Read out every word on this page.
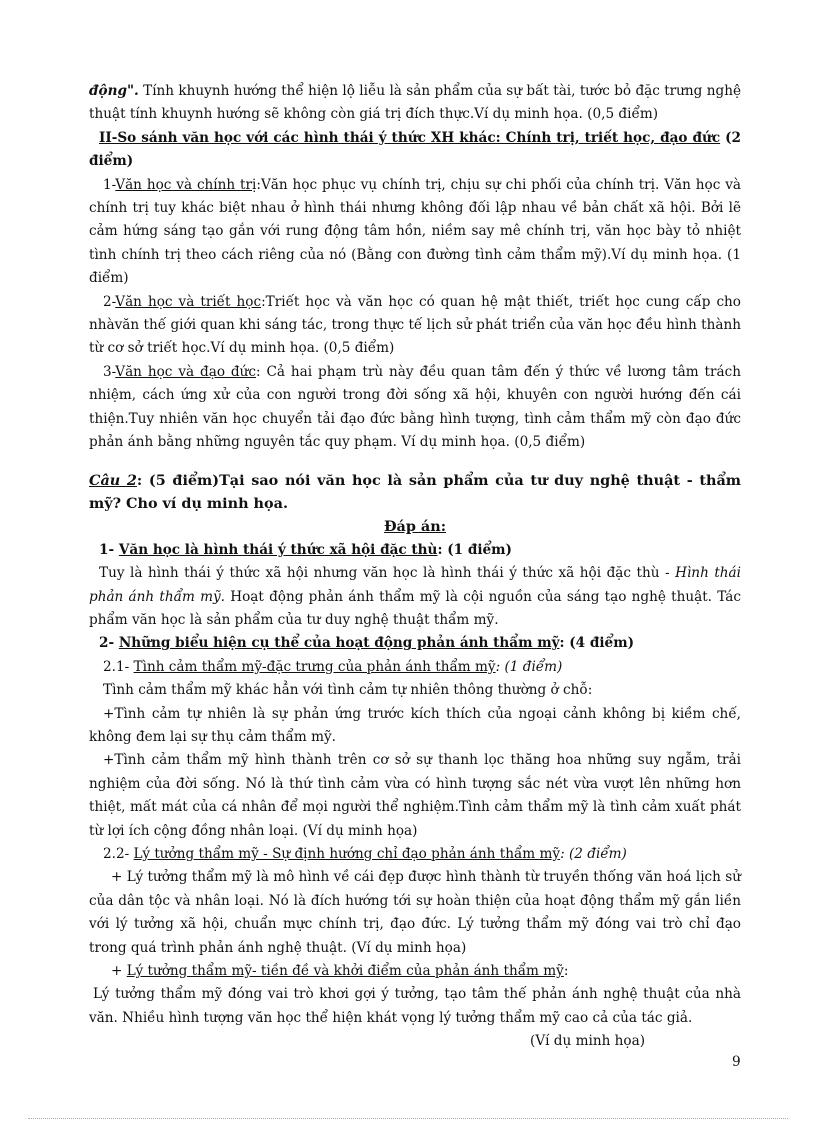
động". Tính khuynh hướng thể hiện lộ liễu là sản phẩm của sự bất tài, tước bỏ đặc trưng nghệ thuật tính khuynh hướng sẽ không còn giá trị đích thực.Ví dụ minh họa. (0,5 điểm)

II-So sánh văn học với các hình thái ý thức XH khác: Chính trị, triết học, đạo đức (2 điểm)

1-Văn học và chính trị:Văn học phục vụ chính trị, chịu sự chi phối của chính trị. Văn học và chính trị tuy khác biệt nhau ở hình thái nhưng không đối lập nhau về bản chất xã hội. Bởi lẽ cảm hứng sáng tạo gắn với rung động tâm hồn, niềm say mê chính trị, văn học bày tỏ nhiệt tình chính trị theo cách riêng của nó (Bằng con đường tình cảm thẩm mỹ).Ví dụ minh họa. (1 điểm)

2-Văn học và triết học:Triết học và văn học có quan hệ mật thiết, triết học cung cấp cho nhàvăn thế giới quan khi sáng tác, trong thực tế lịch sử phát triển của văn học đều hình thành từ cơ sở triết học.Ví dụ minh họa. (0,5 điểm)

3-Văn học và đạo đức: Cả hai phạm trù này đều quan tâm đến ý thức về lương tâm trách nhiệm, cách ứng xử của con người trong đời sống xã hội, khuyên con người hướng đến cái thiện.Tuy nhiên văn học chuyển tải đạo đức bằng hình tượng, tình cảm thẩm mỹ còn đạo đức phản ánh bằng những nguyên tắc quy phạm. Ví dụ minh họa. (0,5 điểm)

Câu 2: (5 điểm)Tại sao nói văn học là sản phẩm của tư duy nghệ thuật - thẩm mỹ? Cho ví dụ minh họa.

Đáp án:

1- Văn học là hình thái ý thức xã hội đặc thù: (1 điểm)

Tuy là hình thái ý thức xã hội nhưng văn học là hình thái ý thức xã hội đặc thù - Hình thái phản ánh thẩm mỹ. Hoạt động phản ánh thẩm mỹ là cội nguồn của sáng tạo nghệ thuật. Tác phẩm văn học là sản phẩm của tư duy nghệ thuật thẩm mỹ.

2- Những biểu hiện cụ thể của hoạt động phản ánh thẩm mỹ: (4 điểm)

2.1- Tình cảm thẩm mỹ-đặc trưng của phản ánh thẩm mỹ: (1 điểm)

Tình cảm thẩm mỹ khác hẳn với tình cảm tự nhiên thông thường ở chỗ:

+Tình cảm tự nhiên là sự phản ứng trước kích thích của ngoại cảnh không bị kiềm chế, không đem lại sự thụ cảm thẩm mỹ.

+Tình cảm thẩm mỹ hình thành trên cơ sở sự thanh lọc thăng hoa những suy ngẫm, trải nghiệm của đời sống. Nó là thứ tình cảm vừa có hình tượng sắc nét vừa vượt lên những hơn thiệt, mất mát của cá nhân để mọi người thể nghiệm.Tình cảm thẩm mỹ là tình cảm xuất phát từ lợi ích cộng đồng nhân loại. (Ví dụ minh họa)

2.2- Lý tưởng thẩm mỹ - Sự định hướng chỉ đạo phản ánh thẩm mỹ: (2 điểm)

+ Lý tưởng thẩm mỹ là mô hình về cái đẹp được hình thành từ truyền thống văn hoá lịch sử của dân tộc và nhân loại. Nó là đích hướng tới sự hoàn thiện của hoạt động thẩm mỹ gắn liền với lý tưởng xã hội, chuẩn mực chính trị, đạo đức. Lý tưởng thẩm mỹ đóng vai trò chỉ đạo trong quá trình phản ánh nghệ thuật. (Ví dụ minh họa)

+ Lý tưởng thẩm mỹ- tiền đề và khởi điểm của phản ánh thẩm mỹ:

Lý tưởng thẩm mỹ đóng vai trò khơi gợi ý tưởng, tạo tâm thế phản ánh nghệ thuật của nhà văn. Nhiều hình tượng văn học thể hiện khát vọng lý tưởng thẩm mỹ cao cả của tác giả.

(Ví dụ minh họa)

9
